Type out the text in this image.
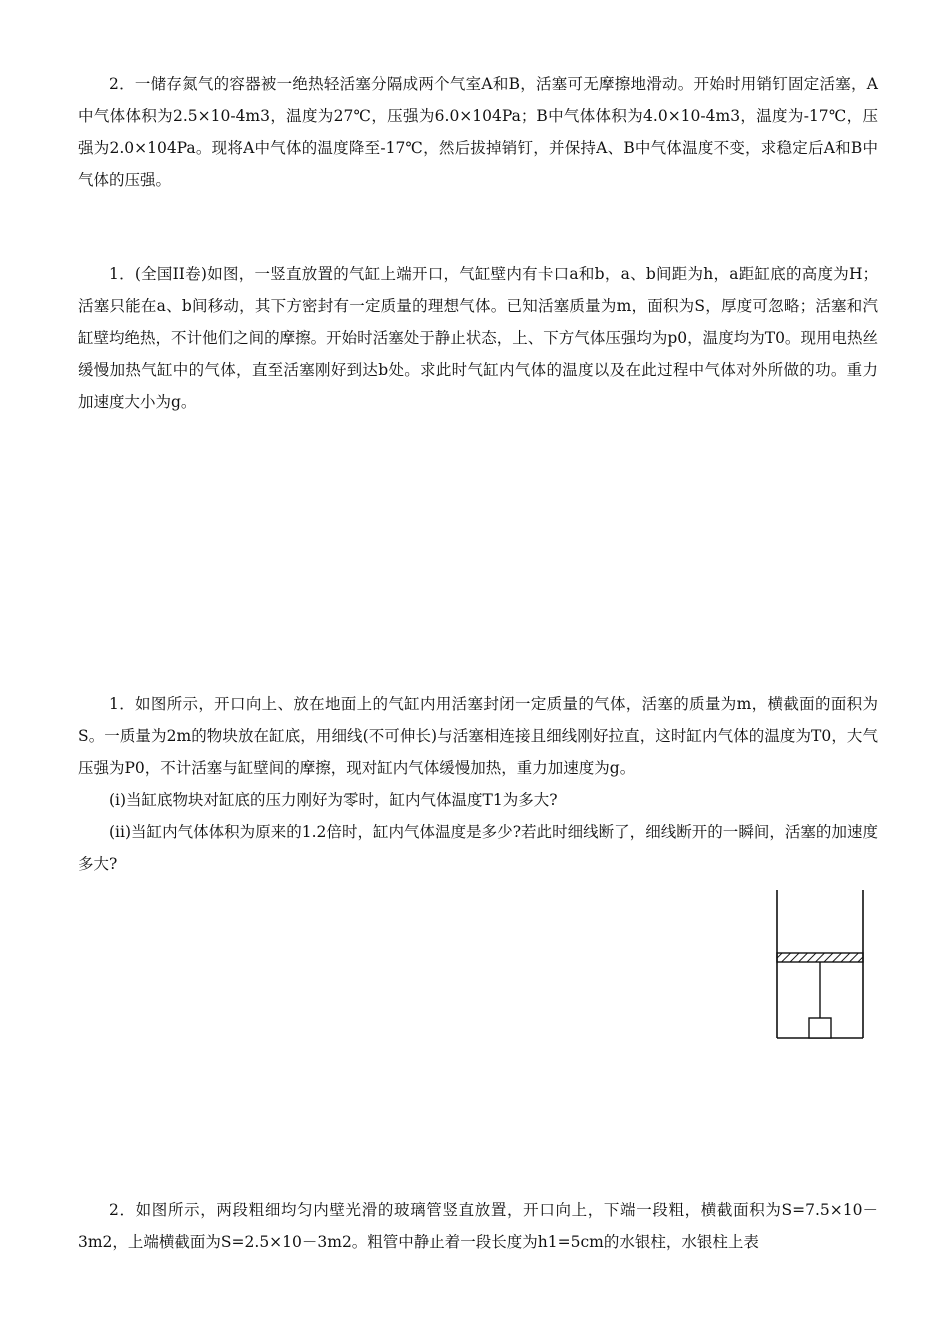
2．一储存氮气的容器被一绝热轻活塞分隔成两个气室A和B，活塞可无摩擦地滑动。开始时用销钉固定活塞，A中气体体积为2.5×10-4m3，温度为27℃，压强为6.0×104Pa；B中气体体积为4.0×10-4m3，温度为-17℃，压强为2.0×104Pa。现将A中气体的温度降至-17℃，然后拔掉销钉，并保持A、B中气体温度不变，求稳定后A和B中气体的压强。

1．(全国II卷)如图，一竖直放置的气缸上端开口，气缸壁内有卡口a和b，a、b间距为h，a距缸底的高度为H；活塞只能在a、b间移动，其下方密封有一定质量的理想气体。已知活塞质量为m，面积为S，厚度可忽略；活塞和汽缸壁均绝热，不计他们之间的摩擦。开始时活塞处于静止状态，上、下方气体压强均为p0，温度均为T0。现用电热丝缓慢加热气缸中的气体，直至活塞刚好到达b处。求此时气缸内气体的温度以及在此过程中气体对外所做的功。重力加速度大小为g。

1．如图所示，开口向上、放在地面上的气缸内用活塞封闭一定质量的气体，活塞的质量为m，横截面的面积为S。一质量为2m的物块放在缸底，用细线(不可伸长)与活塞相连接且细线刚好拉直，这时缸内气体的温度为T0，大气压强为P0，不计活塞与缸壁间的摩擦，现对缸内气体缓慢加热，重力加速度为g。

(i)当缸底物块对缸底的压力刚好为零时，缸内气体温度T1为多大?

(ii)当缸内气体体积为原来的1.2倍时，缸内气体温度是多少?若此时细线断了，细线断开的一瞬间，活塞的加速度多大?

2．如图所示，两段粗细均匀内壁光滑的玻璃管竖直放置，开口向上，下端一段粗，横截面积为S=7.5×10－3m2，上端横截面为S=2.5×10－3m2。粗管中静止着一段长度为h1=5cm的水银柱，水银柱上表
